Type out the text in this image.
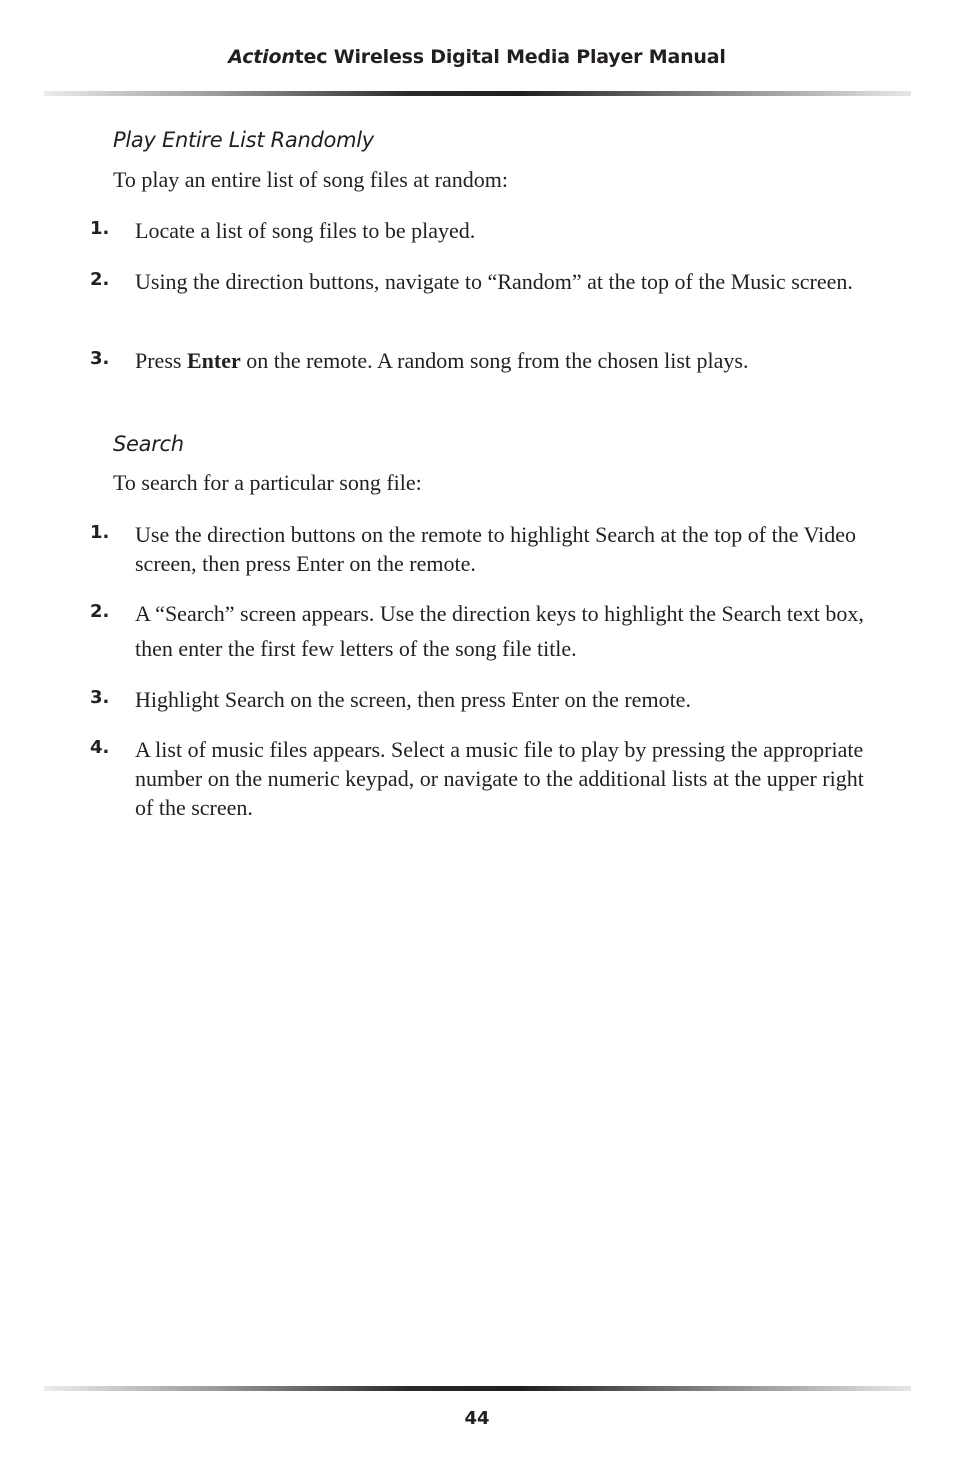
Actiontec Wireless Digital Media Player Manual
Play Entire List Randomly
To play an entire list of song files at random:
1. Locate a list of song files to be played.
2. Using the direction buttons, navigate to “Random” at the top of the Music screen.
3. Press Enter on the remote. A random song from the chosen list plays.
Search
To search for a particular song file:
1. Use the direction buttons on the remote to highlight Search at the top of the Video screen, then press Enter on the remote.
2. A “Search” screen appears. Use the direction keys to highlight the Search text box, then enter the first few letters of the song file title.
3. Highlight Search on the screen, then press Enter on the remote.
4. A list of music files appears. Select a music file to play by pressing the appropriate number on the numeric keypad, or navigate to the additional lists at the upper right of the screen.
44
